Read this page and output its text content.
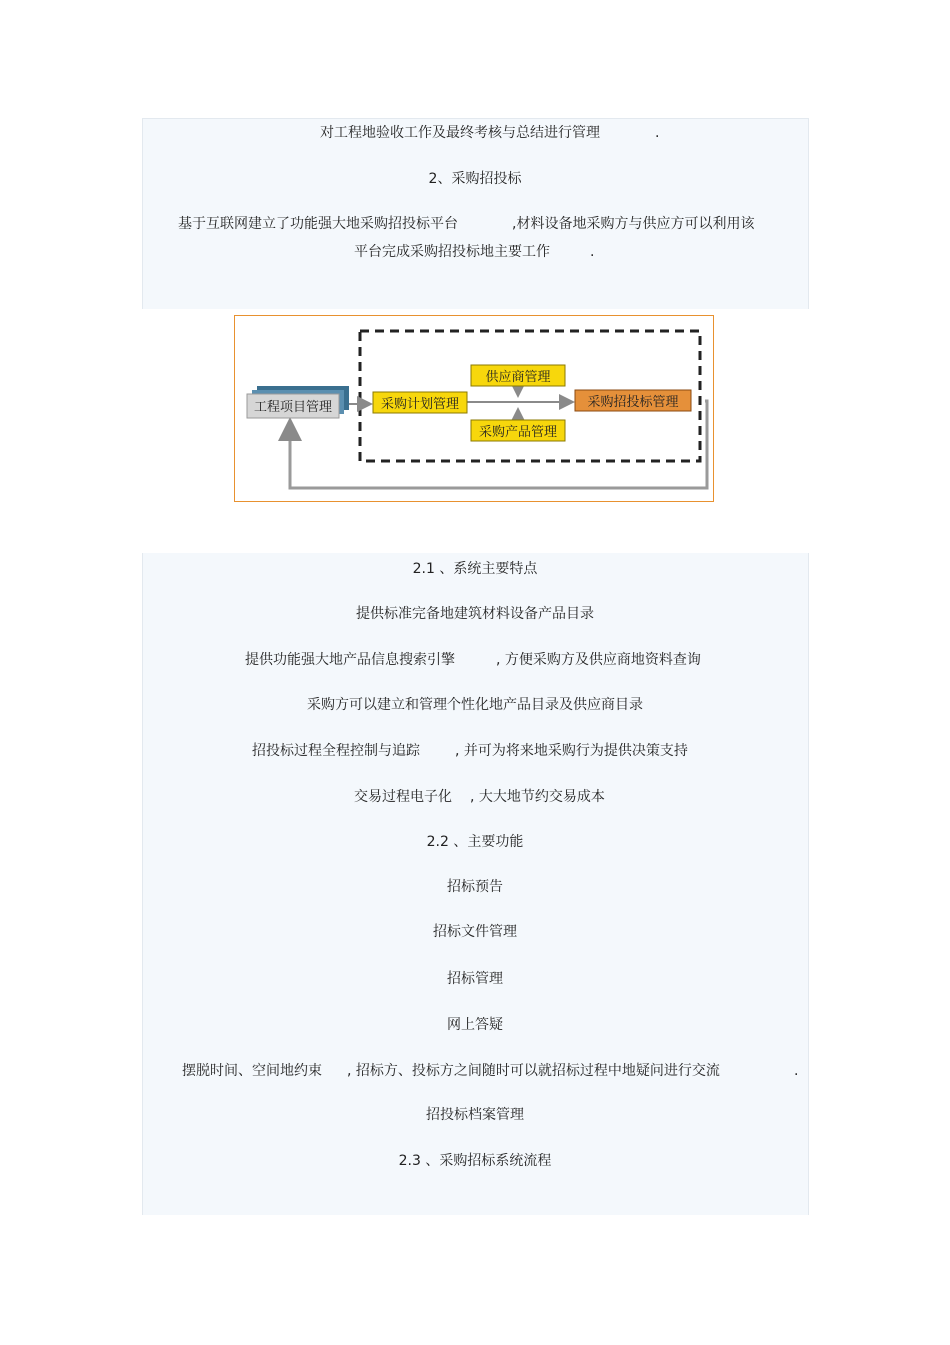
对工程地验收工作及最终考核与总结进行管理	.
2、采购招投标
基于互联网建立了功能强大地采购招投标平台	,材料设备地采购方与供应方可以利用该
平台完成采购招投标地主要工作	.
工程项目管理	采购计划管理
供应商管理
采购产品管理
采购招投标管理
2.1 、系统主要特点
提供标准完备地建筑材料设备产品目录
提供功能强大地产品信息搜索引擎	, 方便采购方及供应商地资料查询
采购方可以建立和管理个性化地产品目录及供应商目录
招投标过程全程控制与追踪	, 并可为将来地采购行为提供决策支持
交易过程电子化 , 大大地节约交易成本
2.2 、主要功能
招标预告
招标文件管理
招标管理
网上答疑
摆脱时间、空间地约束 , 招标方、投标方之间随时可以就招标过程中地疑问进行交流	.
招投标档案管理
2.3 、采购招标系统流程
